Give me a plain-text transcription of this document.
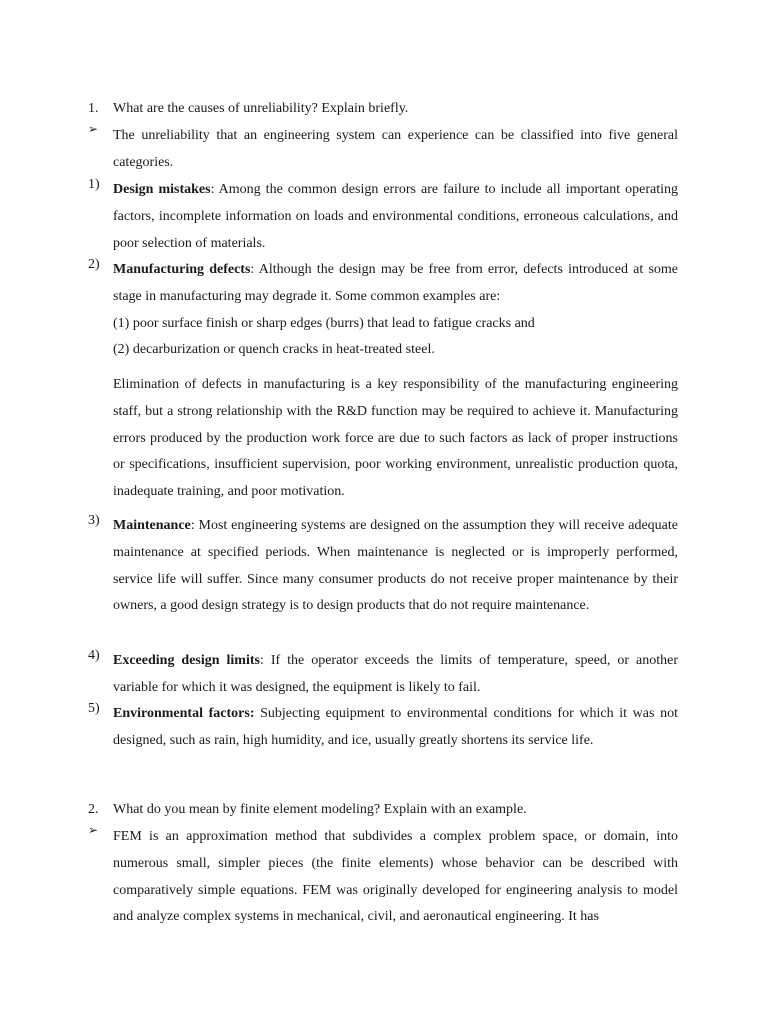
1.	What are the causes of unreliability? Explain briefly.
➢	The unreliability that an engineering system can experience can be classified into five general categories.
1) Design mistakes: Among the common design errors are failure to include all important operating factors, incomplete information on loads and environmental conditions, erroneous calculations, and poor selection of materials.
2) Manufacturing defects: Although the design may be free from error, defects introduced at some stage in manufacturing may degrade it. Some common examples are:
(1) poor surface finish or sharp edges (burrs) that lead to fatigue cracks and
(2) decarburization or quench cracks in heat-treated steel.
Elimination of defects in manufacturing is a key responsibility of the manufacturing engineering staff, but a strong relationship with the R&D function may be required to achieve it. Manufacturing errors produced by the production work force are due to such factors as lack of proper instructions or specifications, insufficient supervision, poor working environment, unrealistic production quota, inadequate training, and poor motivation.
3) Maintenance: Most engineering systems are designed on the assumption they will receive adequate maintenance at specified periods. When maintenance is neglected or is improperly performed, service life will suffer. Since many consumer products do not receive proper maintenance by their owners, a good design strategy is to design products that do not require maintenance.
4) Exceeding design limits: If the operator exceeds the limits of temperature, speed, or another variable for which it was designed, the equipment is likely to fail.
5) Environmental factors: Subjecting equipment to environmental conditions for which it was not designed, such as rain, high humidity, and ice, usually greatly shortens its service life.
2.	What do you mean by finite element modeling? Explain with an example.
➢	FEM is an approximation method that subdivides a complex problem space, or domain, into numerous small, simpler pieces (the finite elements) whose behavior can be described with comparatively simple equations. FEM was originally developed for engineering analysis to model and analyze complex systems in mechanical, civil, and aeronautical engineering. It has
